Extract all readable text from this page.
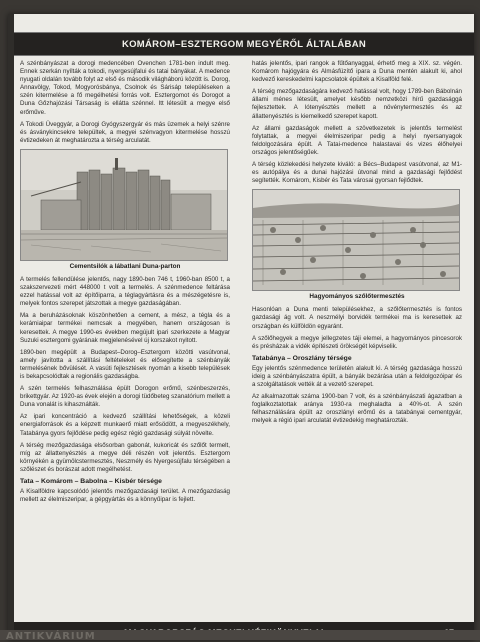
KOMÁROM–ESZTERGOM MEGYÉRŐL ÁLTALÁBAN

A szénbányászat a dorogi medencében Ovenchen 1781-ben indult meg. Ennek szerkán nyílták a tokodi, nyergesújfalui és tatai bányákat. A medence nyugati oldalán tovább folyt az első és második világháború között is. Dorog, Annavölgy, Tokod, Mogyorósbánya, Csolnok és Sárisáp településeken a szén kitermelése a fő megélhetési forrás volt. Esztergomot és Dorogot a Duna Gőzhajózási Társaság is ellátta szénnel. Itt létesült a megye első erőműve.

A Tokodi Üveggyár, a Dorogi Gyógyszergyár és más üzemek a helyi szénre és ásványkincsekre települtek, a megyei szénvagyon kitermelése hosszú évtizedeken át meghatározta a térség arculatát.

Cementsilók a lábatlani Duna-parton

A termelés fellendülése jelentős, nagy 1890-ben 746 t, 1960-ban 8500 t, a szakszervezeti mért 448000 t volt a termelés. A szénmedence feltárása ezzel hatással volt az építőiparra, a téglagyártásra és a mészégetésre is, melyek fontos szerepet játszottak a megye gazdaságában.

Ma a beruházásoknak köszönhetően a cement, a mész, a tégla és a kerámiaipar termékei nemcsak a megyében, hanem országosan is keresettek. A megye 1990-es években megújult ipari szerkezete a Magyar Suzuki esztergomi gyárának megjelenésével új korszakot nyitott.

1890-ben megépült a Budapest–Dorog–Esztergom közötti vasútvonal, amely javította a szállítási feltételeket és elősegítette a szénbányák termelésének bővülését. A vasúti fejlesztések nyomán a kisebb települések is bekapcsolódtak a regionális gazdaságba.

A szén termelés felhasználása épült Dorogon erőmű, szénbeszerzés, brikettgyár. Az 1920-as évek elején a dorogi tüdőbeteg szanatórium mellett a Duna vonalát is kihasználták.

Az ipari koncentráció a kedvező szállítási lehetőségek, a közeli energiaforrások és a képzett munkaerő miatt erősödött, a megyeszékhely, Tatabánya gyors fejlődése pedig egész régió gazdasági súlyát növelte.

A térség mezőgazdasága elsősorban gabonát, kukoricát és szőlőt termelt, míg az állattenyésztés a megye déli részén volt jelentős. Esztergom környékén a gyümölcstermesztés, Neszmély és Nyergesújfalu térségében a szőlészet és borászat adott megélhetést.

Tata – Komárom – Babolna – Kisbér térsége

A Kisalföldre kapcsolódó jelentős mezőgazdasági terület. A mezőgazdaság mellett az élelmiszeripar, a gépgyártás és a könnyűipar is fejlett.

hatás jelentős, ipari rangok a fűtőanyaggal, érhető meg a XIX. sz. végén. Komárom hajógyára és Almásfüzítő ipara a Duna mentén alakult ki, ahol kedvező kereskedelmi kapcsolatok épültek a Kisalföld felé.

A térség mezőgazdaságára kedvező hatással volt, hogy 1789-ben Bábolnán állami ménes létesült, amelyet később nemzetközi hírű gazdasággá fejlesztettek. A lótenyésztés mellett a növénytermesztés és az állattenyésztés is kiemelkedő szerepet kapott.

Az állami gazdaságok mellett a szövetkezetek is jelentős termelést folytattak, a megyei élelmiszeripar pedig a helyi nyersanyagok feldolgozására épült. A Tatai-medence halastavai és vizes élőhelyei országos jelentőségűek.

A térség közlekedési helyzete kiváló: a Bécs–Budapest vasútvonal, az M1-es autópálya és a dunai hajózási útvonal mind a gazdasági fejlődést segítették. Komárom, Kisbér és Tata városai gyorsan fejlődtek.

Hagyományos szőlőtermesztés

Hasonlóan a Duna menti településekhez, a szőlőtermesztés is fontos gazdasági ág volt. A neszmélyi borvidék termékei ma is keresettek az országban és külföldön egyaránt.

A szőlőhegyek a megye jellegzetes táji elemei, a hagyományos pincesorok és présházak a vidék építészeti örökségét képviselik.

Tatabánya – Oroszlány térsége

Egy jelentős szénmedence területén alakult ki. A térség gazdasága hosszú ideig a szénbányászatra épült, a bányák bezárása után a feldolgozóipar és a szolgáltatások vették át a vezető szerepet.

Az alkalmazottak száma 1900-ban 7 volt, és a szénbányászati ágazatban a foglalkoztatottak aránya 1930-ra meghaladta a 40%-ot. A szén felhasználására épült az oroszlányi erőmű és a tatabányai cementgyár, melyek a régió ipari arculatát évtizedekig meghatározták.

ANTIKVÁRIUM
